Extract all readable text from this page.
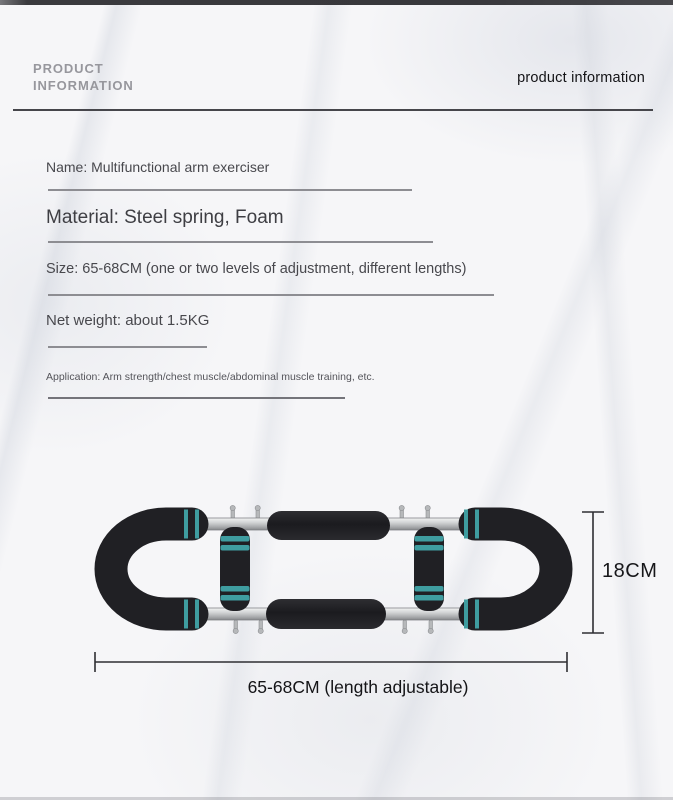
PRODUCT
INFORMATION	product information
Name: Multifunctional arm exerciser
Material: Steel spring, Foam
Size: 65-68CM (one or two levels of adjustment, different lengths)
Net weight: about 1.5KG
Application: Arm strength/chest muscle/abdominal muscle training, etc.
18CM
65-68CM (length adjustable)
